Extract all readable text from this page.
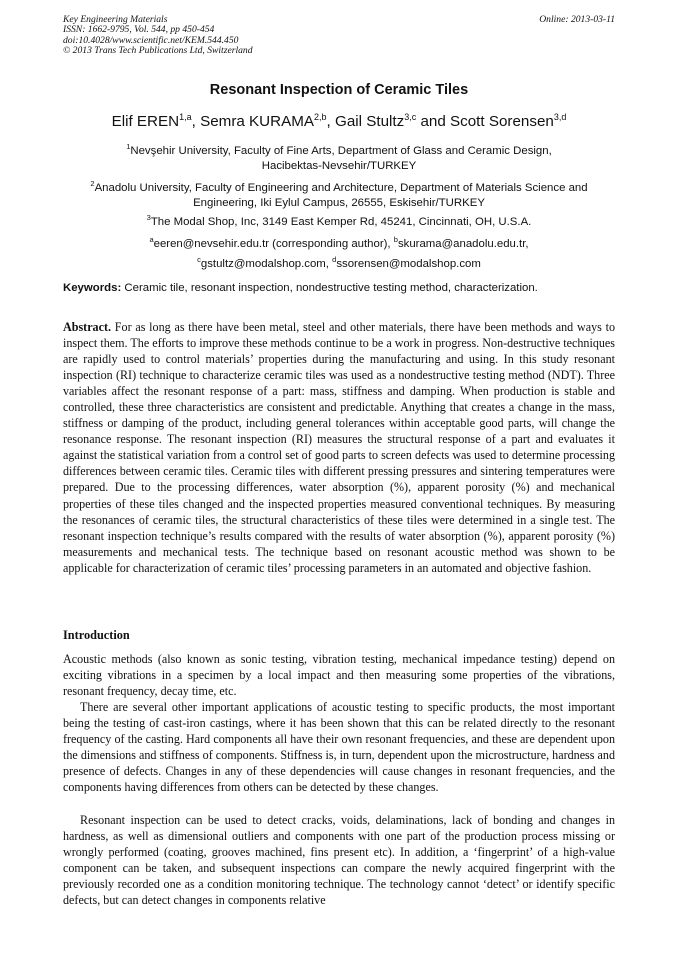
Key Engineering Materials
ISSN: 1662-9795, Vol. 544, pp 450-454
doi:10.4028/www.scientific.net/KEM.544.450
© 2013 Trans Tech Publications Ltd, Switzerland
Online: 2013-03-11
Resonant Inspection of Ceramic Tiles
Elif EREN$^{1,a}$, Semra KURAMA$^{2,b}$, Gail Stultz$^{3,c}$ and Scott Sorensen$^{3,d}$
$^1$Nevşehir University, Faculty of Fine Arts, Department of Glass and Ceramic Design,
Hacibektas-Nevsehir/TURKEY
$^2$Anadolu University, Faculty of Engineering and Architecture, Department of Materials Science and
Engineering, Iki Eylul Campus, 26555, Eskisehir/TURKEY
$^3$The Modal Shop, Inc, 3149 East Kemper Rd, 45241, Cincinnati, OH, U.S.A.
$^a$eeren@nevsehir.edu.tr (corresponding author), $^b$skurama@anadolu.edu.tr,
$^c$gstultz@modalshop.com, $^d$ssorensen@modalshop.com
Keywords: Ceramic tile, resonant inspection, nondestructive testing method, characterization.

Abstract. For as long as there have been metal, steel and other materials, there have been methods and ways to inspect them. The efforts to improve these methods continue to be a work in progress. Non-destructive techniques are rapidly used to control materials’ properties during the manufacturing and using. In this study resonant inspection (RI) technique to characterize ceramic tiles was used as a nondestructive testing method (NDT). Three variables affect the resonant response of a part: mass, stiffness and damping. When production is stable and controlled, these three characteristics are consistent and predictable. Anything that creates a change in the mass, stiffness or damping of the product, including general tolerances within acceptable good parts, will change the resonance response. The resonant inspection (RI) measures the structural response of a part and evaluates it against the statistical variation from a control set of good parts to screen defects was used to determine processing differences between ceramic tiles. Ceramic tiles with different pressing pressures and sintering temperatures were prepared. Due to the processing differences, water absorption (%), apparent porosity (%) and mechanical properties of these tiles changed and the inspected properties measured conventional techniques. By measuring the resonances of ceramic tiles, the structural characteristics of these tiles were determined in a single test. The resonant inspection technique’s results compared with the results of water absorption (%), apparent porosity (%) measurements and mechanical tests. The technique based on resonant acoustic method was shown to be applicable for characterization of ceramic tiles’ processing parameters in an automated and objective fashion.

Introduction

Acoustic methods (also known as sonic testing, vibration testing, mechanical impedance testing) depend on exciting vibrations in a specimen by a local impact and then measuring some properties of the vibrations, resonant frequency, decay time, etc.

There are several other important applications of acoustic testing to specific products, the most important being the testing of cast-iron castings, where it has been shown that this can be related directly to the resonant frequency of the casting. Hard components all have their own resonant frequencies, and these are dependent upon the dimensions and stiffness of components. Stiffness is, in turn, dependent upon the microstructure, hardness and presence of defects. Changes in any of these dependencies will cause changes in resonant frequencies, and the components having differences from others can be detected by these changes.

Resonant inspection can be used to detect cracks, voids, delaminations, lack of bonding and changes in hardness, as well as dimensional outliers and components with one part of the production process missing or wrongly performed (coating, grooves machined, fins present etc). In addition, a ‘fingerprint’ of a high-value component can be taken, and subsequent inspections can compare the newly acquired fingerprint with the previously recorded one as a condition monitoring technique. The technology cannot ‘detect’ or identify specific defects, but can detect changes in components relative
